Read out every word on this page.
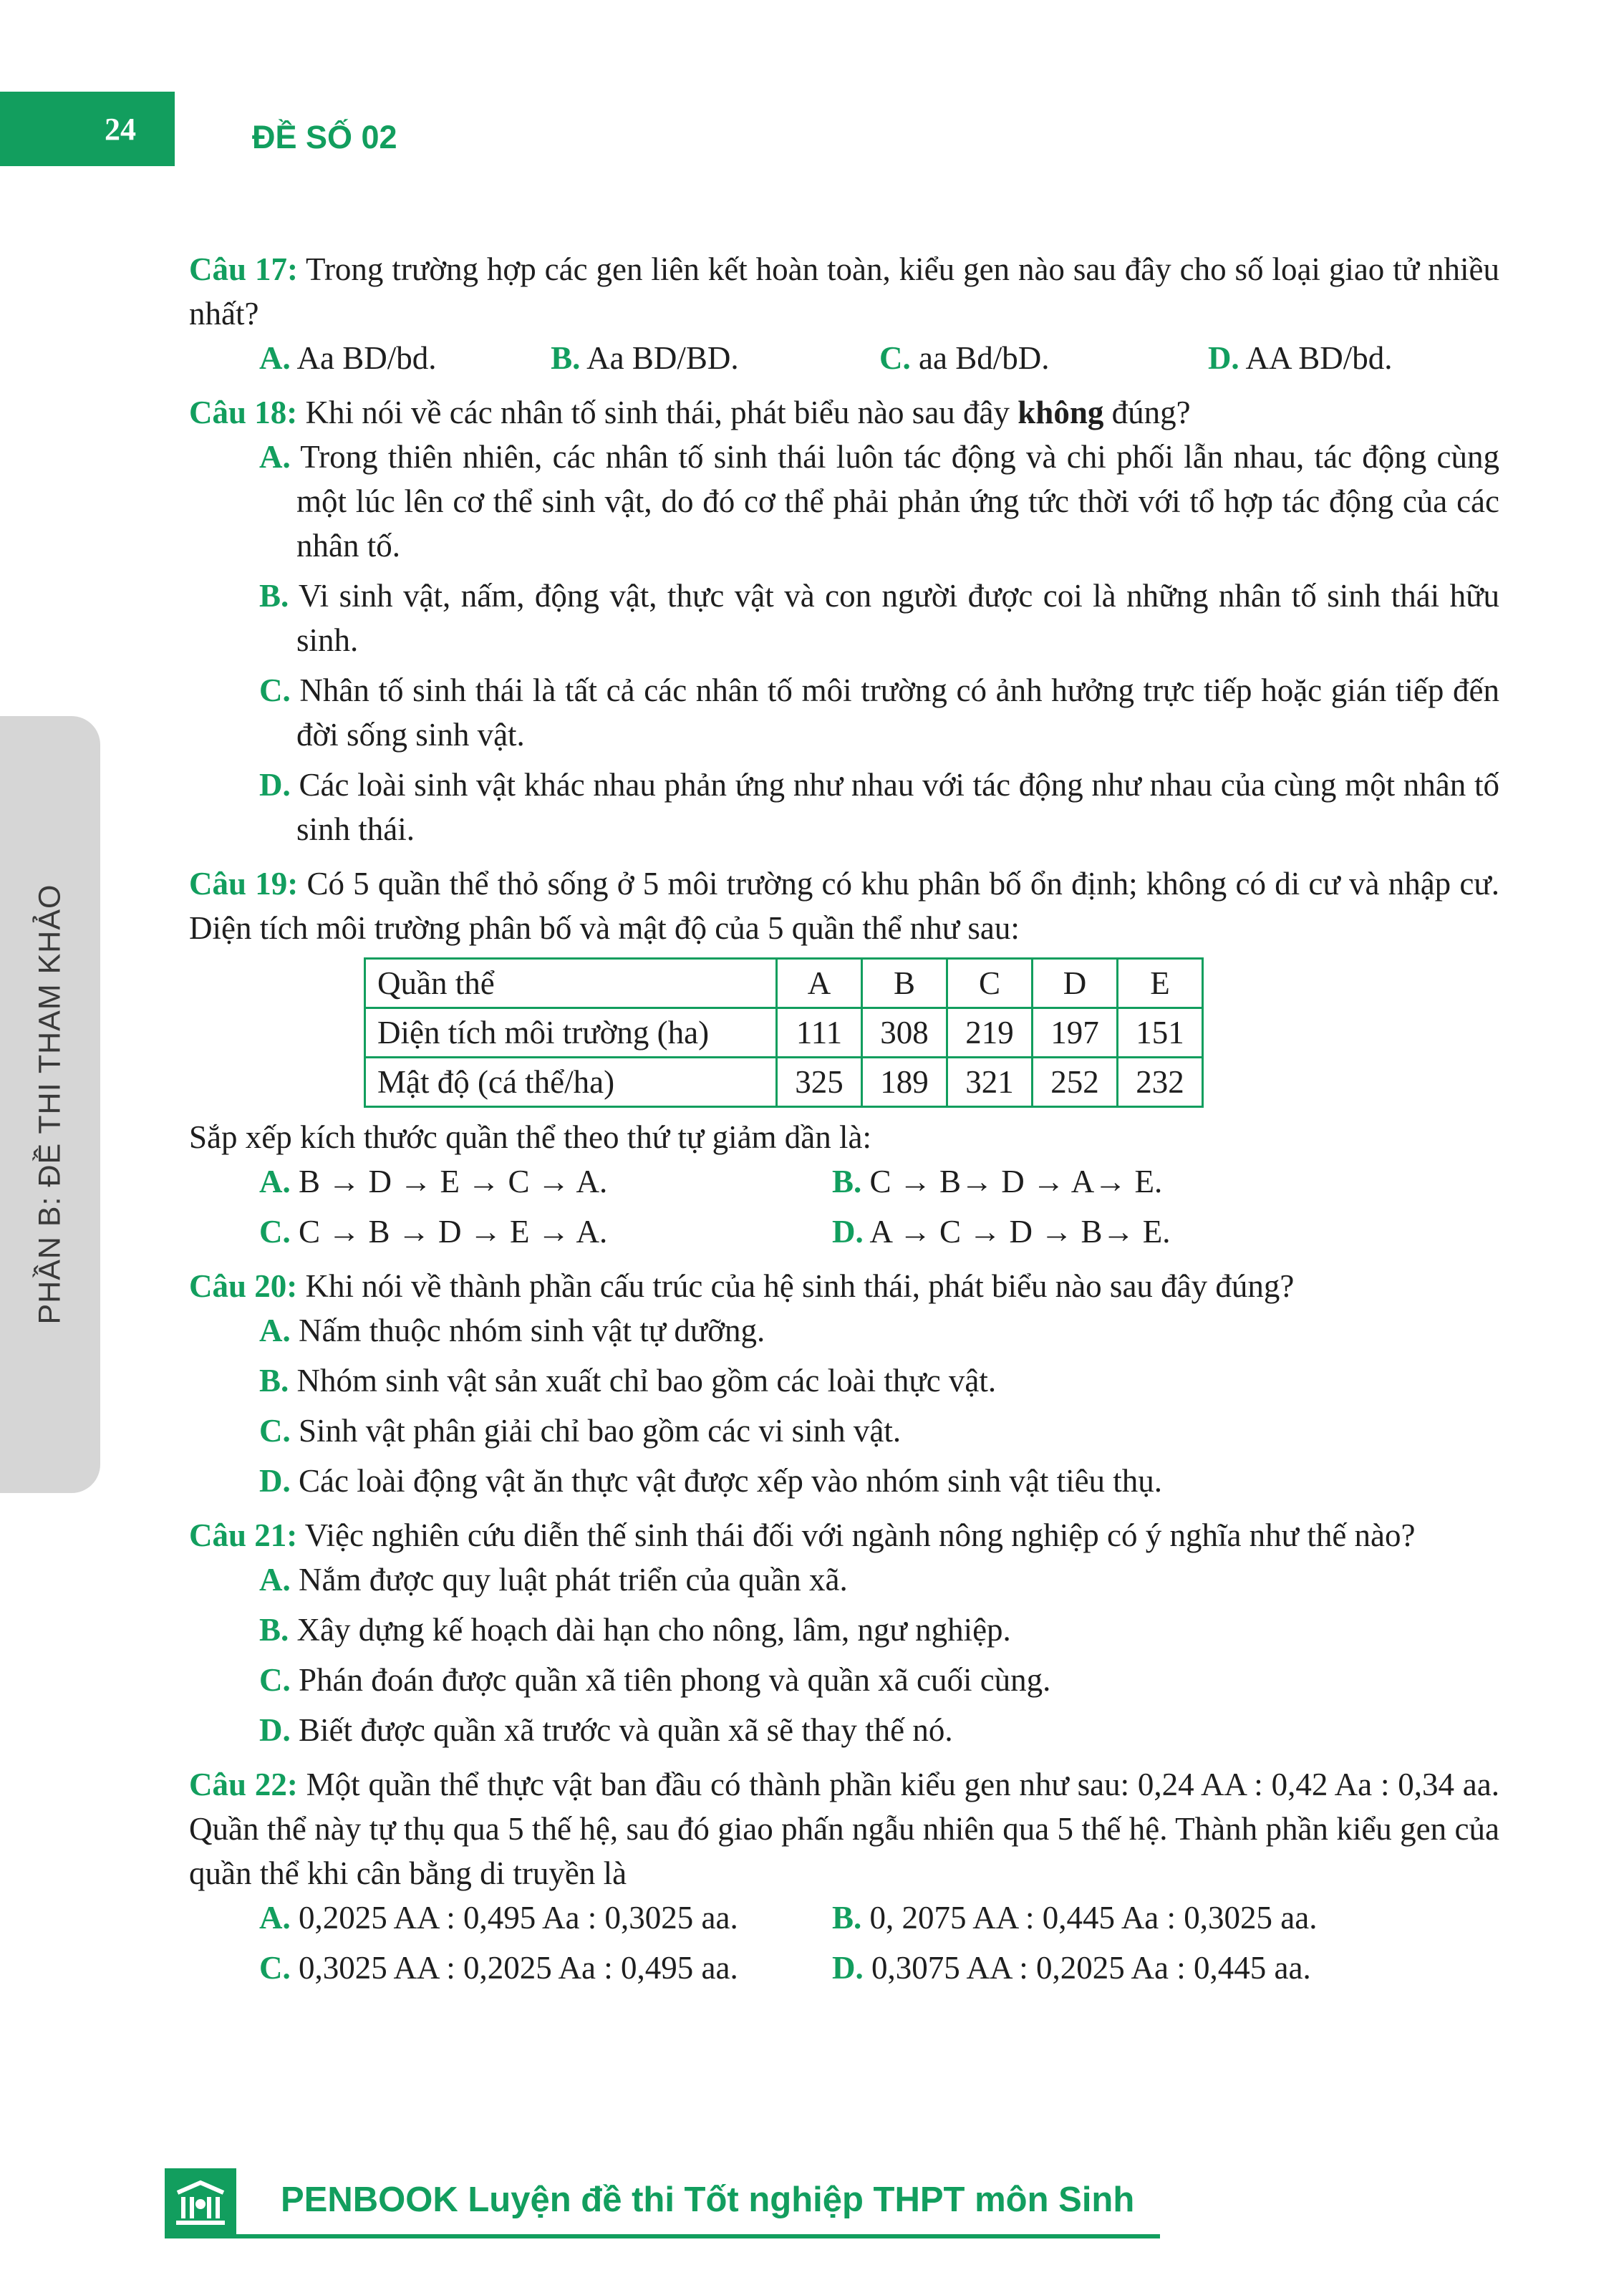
24	ĐỀ SỐ 02
PHẦN B: ĐỀ THI THAM KHẢO
Câu 17: Trong trường hợp các gen liên kết hoàn toàn, kiểu gen nào sau đây cho số loại giao tử nhiều nhất?
A. Aa BD/bd.	B. Aa BD/BD.	C. aa Bd/bD.	D. AA BD/bd.
Câu 18: Khi nói về các nhân tố sinh thái, phát biểu nào sau đây không đúng?
A. Trong thiên nhiên, các nhân tố sinh thái luôn tác động và chi phối lẫn nhau, tác động cùng một lúc lên cơ thể sinh vật, do đó cơ thể phải phản ứng tức thời với tổ hợp tác động của các nhân tố.
B. Vi sinh vật, nấm, động vật, thực vật và con người được coi là những nhân tố sinh thái hữu sinh.
C. Nhân tố sinh thái là tất cả các nhân tố môi trường có ảnh hưởng trực tiếp hoặc gián tiếp đến đời sống sinh vật.
D. Các loài sinh vật khác nhau phản ứng như nhau với tác động như nhau của cùng một nhân tố sinh thái.
Câu 19: Có 5 quần thể thỏ sống ở 5 môi trường có khu phân bố ổn định; không có di cư và nhập cư. Diện tích môi trường phân bố và mật độ của 5 quần thể như sau:
Quần thể	A	B	C	D	E
Diện tích môi trường (ha)	111	308	219	197	151
Mật độ (cá thể/ha)	325	189	321	252	232
Sắp xếp kích thước quần thể theo thứ tự giảm dần là:
A. B → D → E → C → A.	B. C → B→ D → A→ E.
C. C → B → D → E → A.	D. A → C → D → B→ E.
Câu 20: Khi nói về thành phần cấu trúc của hệ sinh thái, phát biểu nào sau đây đúng?
A. Nấm thuộc nhóm sinh vật tự dưỡng.
B. Nhóm sinh vật sản xuất chỉ bao gồm các loài thực vật.
C. Sinh vật phân giải chỉ bao gồm các vi sinh vật.
D. Các loài động vật ăn thực vật được xếp vào nhóm sinh vật tiêu thụ.
Câu 21: Việc nghiên cứu diễn thế sinh thái đối với ngành nông nghiệp có ý nghĩa như thế nào?
A. Nắm được quy luật phát triển của quần xã.
B. Xây dựng kế hoạch dài hạn cho nông, lâm, ngư nghiệp.
C. Phán đoán được quần xã tiên phong và quần xã cuối cùng.
D. Biết được quần xã trước và quần xã sẽ thay thế nó.
Câu 22: Một quần thể thực vật ban đầu có thành phần kiểu gen như sau: 0,24 AA : 0,42 Aa : 0,34 aa. Quần thể này tự thụ qua 5 thế hệ, sau đó giao phấn ngẫu nhiên qua 5 thế hệ. Thành phần kiểu gen của quần thể khi cân bằng di truyền là
A. 0,2025 AA : 0,495 Aa : 0,3025 aa.	B. 0, 2075 AA : 0,445 Aa : 0,3025 aa.
C. 0,3025 AA : 0,2025 Aa : 0,495 aa.	D. 0,3075 AA : 0,2025 Aa : 0,445 aa.
PENBOOK Luyện đề thi Tốt nghiệp THPT môn Sinh
